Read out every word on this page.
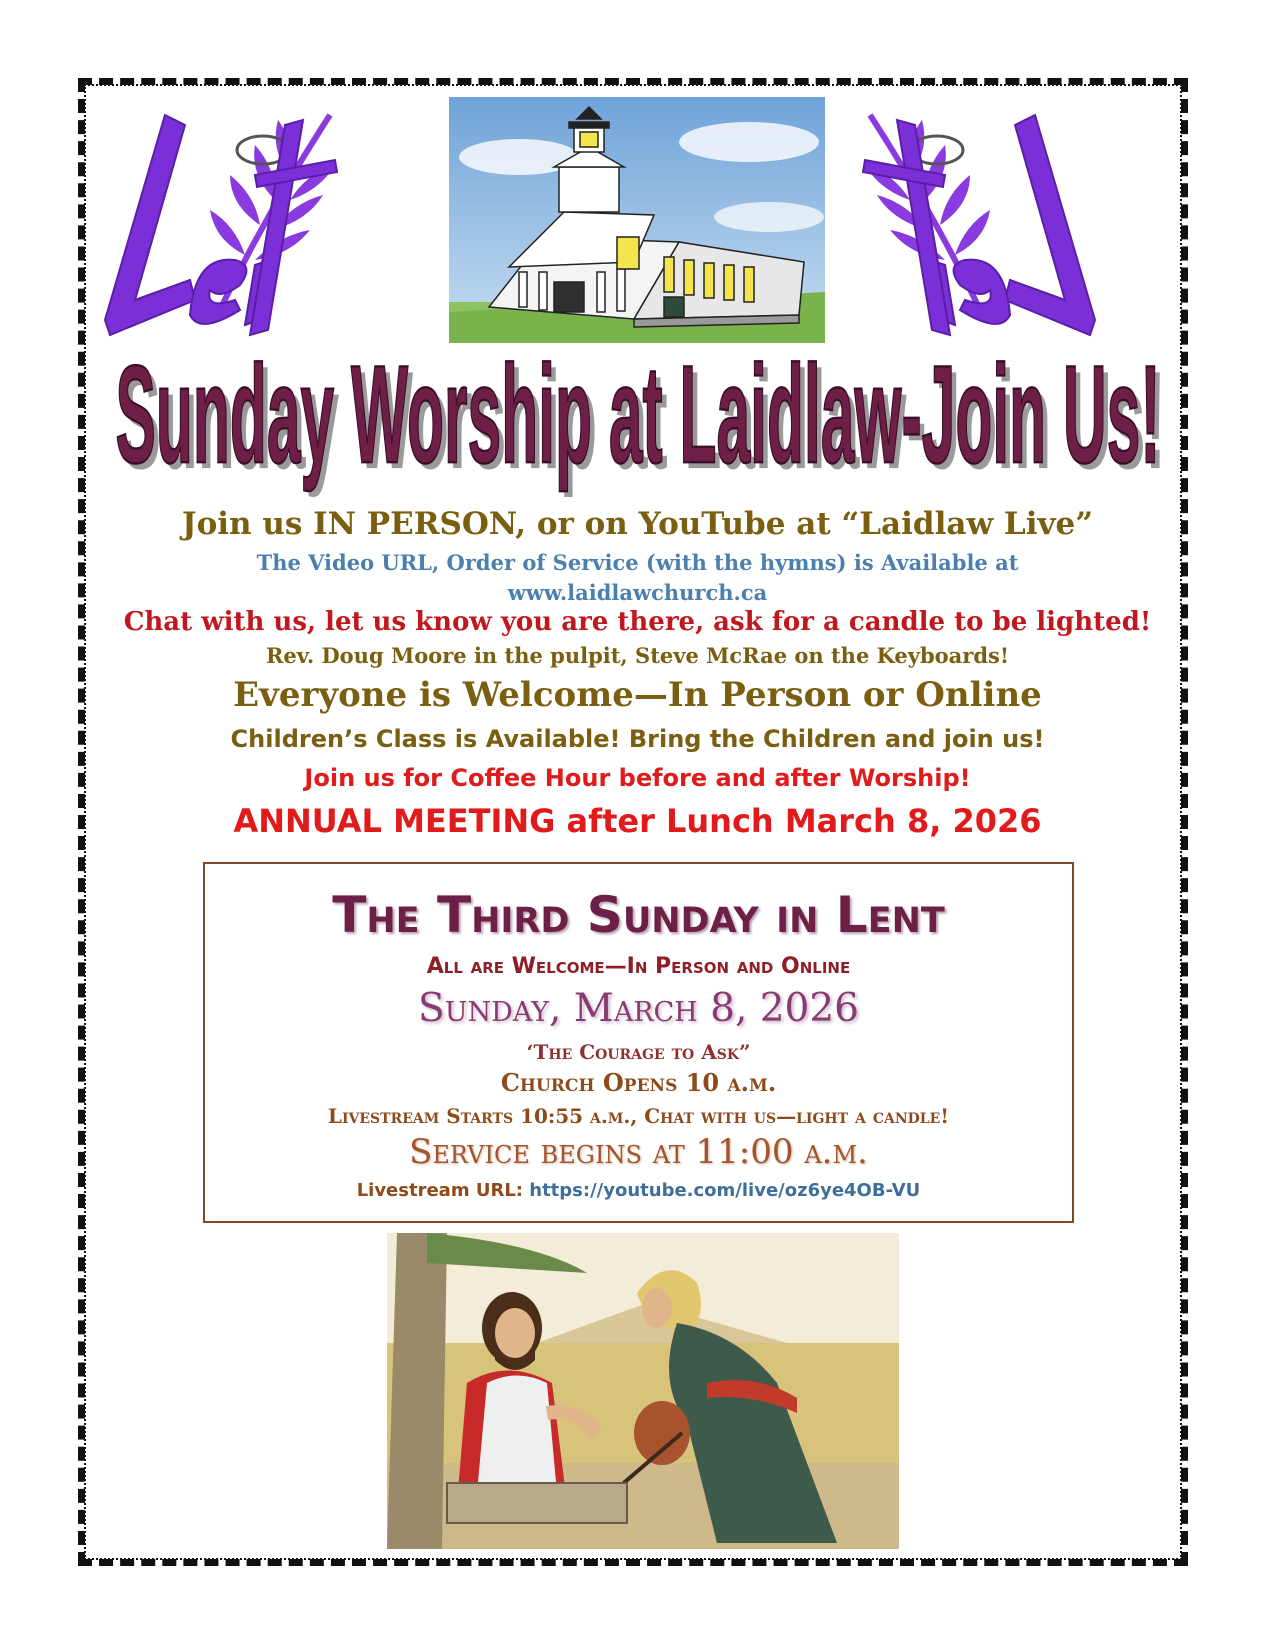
Sunday Worship at Laidlaw-Join Us!
Sunday Worship at Laidlaw-Join Us!
Join us IN PERSON, or on YouTube at “Laidlaw Live”
The Video URL, Order of Service (with the hymns) is Available at
www.laidlawchurch.ca
Chat with us, let us know you are there, ask for a candle to be lighted!
Rev. Doug Moore in the pulpit, Steve McRae on the Keyboards!
Everyone is Welcome—In Person or Online
Children’s Class is Available! Bring the Children and join us!
Join us for Coffee Hour before and after Worship!
ANNUAL MEETING after Lunch March 8, 2026
The Third Sunday in Lent
All are Welcome—In Person and Online
Sunday, March 8, 2026
‘The Courage to Ask”
Church Opens 10 a.m.
Livestream Starts 10:55 a.m., Chat with us—light a candle!
Service begins at 11:00 a.m.
Livestream URL: https://youtube.com/live/oz6ye4OB-VU
